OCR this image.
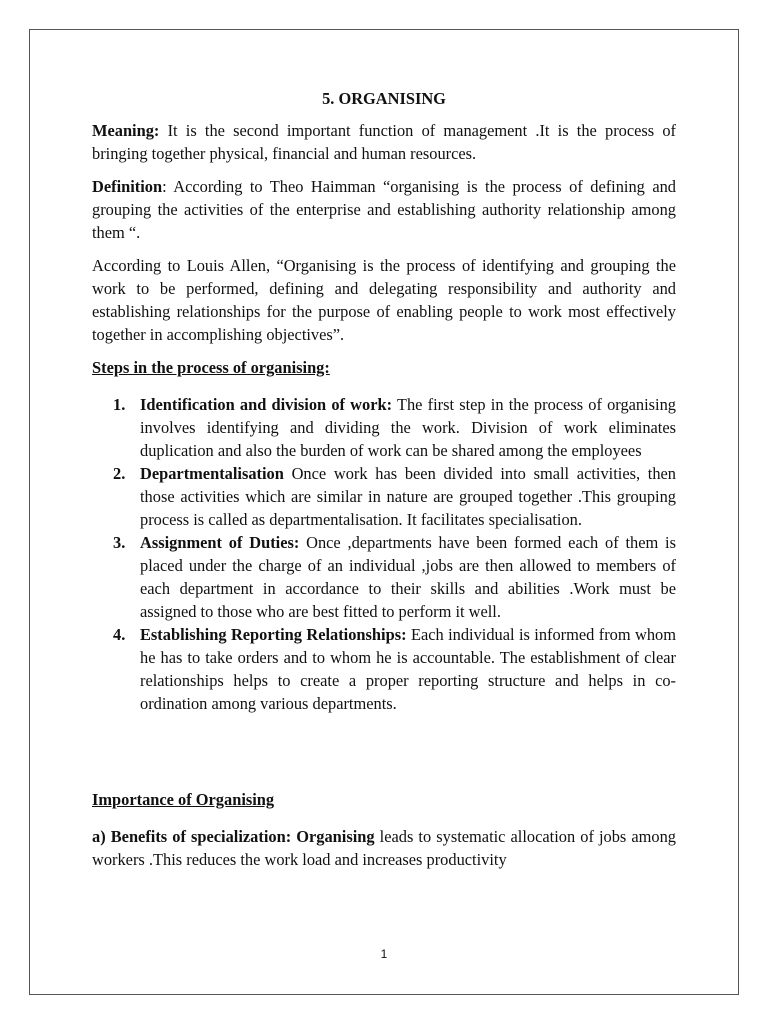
5. ORGANISING

Meaning: It is the second important function of management .It is the process of bringing together physical, financial and human resources.

Definition: According to Theo Haimman “organising is the process of defining and grouping the activities of the enterprise and establishing authority relationship among them “.

According to Louis Allen, “Organising is the process of identifying and grouping the work to be performed, defining and delegating responsibility and authority and establishing relationships for the purpose of enabling people to work most effectively together in accomplishing objectives”.

Steps in the process of organising:
1. Identification and division of work: The first step in the process of organising involves identifying and dividing the work. Division of work eliminates duplication and also the burden of work can be shared among the employees
2. Departmentalisation Once work has been divided into small activities, then those activities which are similar in nature are grouped together .This grouping process is called as departmentalisation. It facilitates specialisation.
3. Assignment of Duties: Once ,departments have been formed each of them is placed under the charge of an individual ,jobs are then allowed to members of each department in accordance to their skills and abilities .Work must be assigned to those who are best fitted to perform it well.
4. Establishing Reporting Relationships: Each individual is informed from whom he has to take orders and to whom he is accountable. The establishment of clear relationships helps to create a proper reporting structure and helps in co-ordination among various departments.
Importance of Organising

a) Benefits of specialization: Organising leads to systematic allocation of jobs among workers .This reduces the work load and increases productivity

1
